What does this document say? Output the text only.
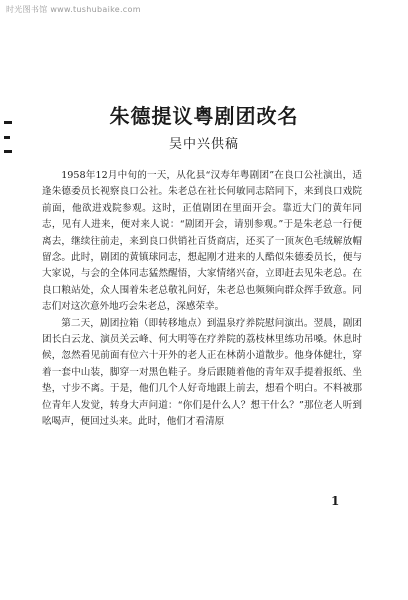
时光图书馆 www.tushubaike.com
朱德提议粤剧团改名
吴中兴供稿

1958年12月中旬的一天，从化县“汉寿年粤剧团”在良口公社演出，适逢朱德委员长视察良口公社。朱老总在社长何敏同志陪同下，来到良口戏院前面，他欲进戏院参观。这时，正值剧团在里面开会。靠近大门的黄年同志，见有人进来，便对来人说：“剧团开会，请别参观。”于是朱老总一行便离去，继续往前走，来到良口供销社百货商店，还买了一顶灰色毛绒解放帽留念。此时，剧团的黄镇球同志，想起刚才进来的人酷似朱德委员长，便与大家说，与会的全体同志猛然醒悟，大家情绪兴奋，立即赶去见朱老总。在良口粮站处，众人围着朱老总敬礼问好，朱老总也频频向群众挥手致意。同志们对这次意外地巧会朱老总，深感荣幸。

第二天，剧团拉箱（即转移地点）到温泉疗养院慰问演出。翌晨，剧团团长白云龙、演员关云峰、何大明等在疗养院的荔枝林里练功吊嗓。休息时候，忽然看见前面有位六十开外的老人正在林荫小道散步。他身体健壮，穿着一套中山装，脚穿一对黑色鞋子。身后跟随着他的青年双手提着报纸、坐垫，寸步不离。于是，他们几个人好奇地跟上前去，想看个明白。不料被那位青年人发觉，转身大声问道：“你们是什么人？想干什么？”那位老人听到吆喝声，便回过头来。此时，他们才看清原

1
